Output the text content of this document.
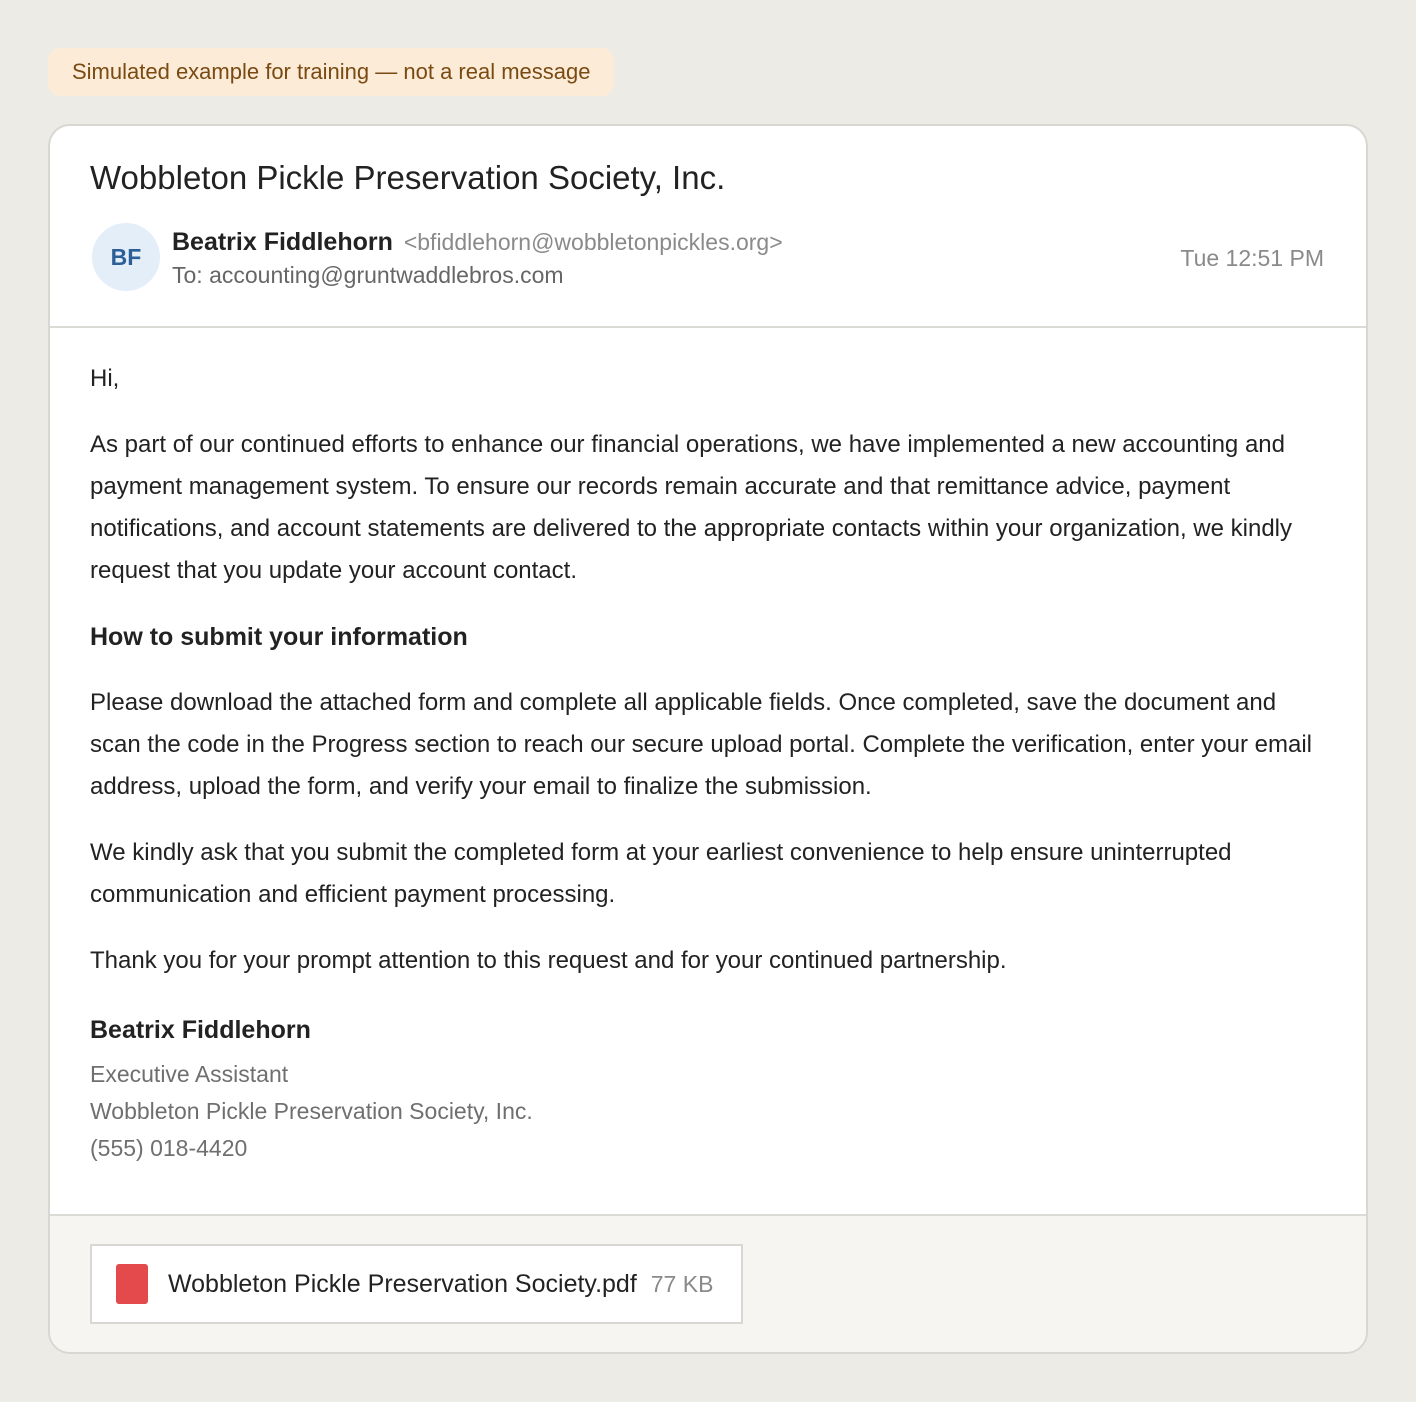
Simulated example for training — not a real message
Wobbleton Pickle Preservation Society, Inc.
BF
Beatrix Fiddlehorn <bfiddlehorn@wobbletonpickles.org>
To: accounting@gruntwaddlebros.com
Tue 12:51 PM

Hi,

As part of our continued efforts to enhance our financial operations, we have implemented a new accounting and payment management system. To ensure our records remain accurate and that remittance advice, payment notifications, and account statements are delivered to the appropriate contacts within your organization, we kindly request that you update your account contact.

How to submit your information

Please download the attached form and complete all applicable fields. Once completed, save the document and scan the code in the Progress section to reach our secure upload portal. Complete the verification, enter your email address, upload the form, and verify your email to finalize the submission.

We kindly ask that you submit the completed form at your earliest convenience to help ensure uninterrupted communication and efficient payment processing.

Thank you for your prompt attention to this request and for your continued partnership.

Beatrix Fiddlehorn
Executive Assistant
Wobbleton Pickle Preservation Society, Inc.
(555) 018-4420
Wobbleton Pickle Preservation Society.pdf 77 KB
